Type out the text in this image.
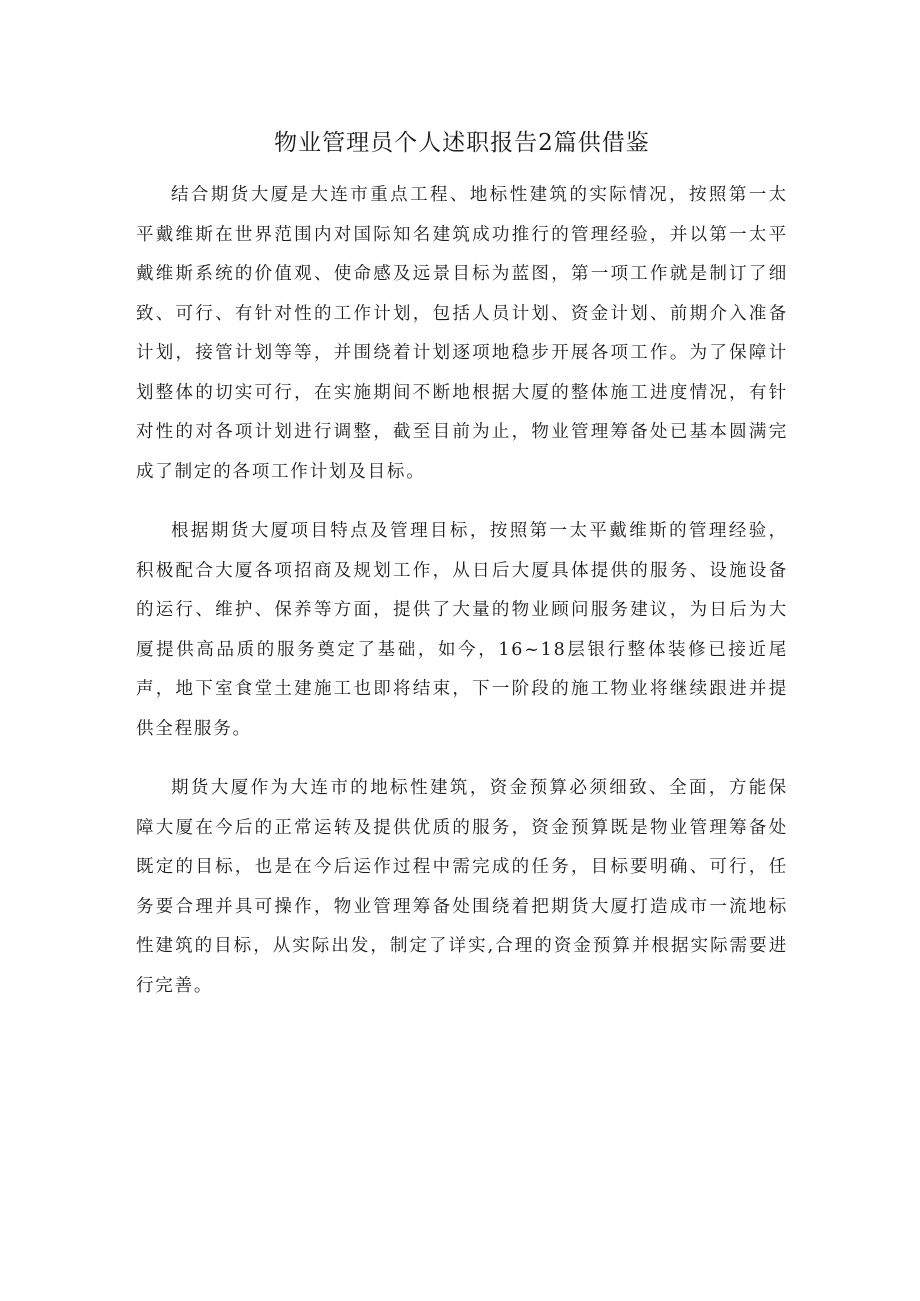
物业管理员个人述职报告2篇供借鉴

结合期货大厦是大连市重点工程、地标性建筑的实际情况，按照第一太平戴维斯在世界范围内对国际知名建筑成功推行的管理经验，并以第一太平戴维斯系统的价值观、使命感及远景目标为蓝图，第一项工作就是制订了细致、可行、有针对性的工作计划，包括人员计划、资金计划、前期介入准备计划，接管计划等等，并围绕着计划逐项地稳步开展各项工作。为了保障计划整体的切实可行，在实施期间不断地根据大厦的整体施工进度情况，有针对性的对各项计划进行调整，截至目前为止，物业管理筹备处已基本圆满完成了制定的各项工作计划及目标。

根据期货大厦项目特点及管理目标，按照第一太平戴维斯的管理经验，积极配合大厦各项招商及规划工作，从日后大厦具体提供的服务、设施设备的运行、维护、保养等方面，提供了大量的物业顾问服务建议，为日后为大厦提供高品质的服务奠定了基础，如今，16~18层银行整体装修已接近尾声，地下室食堂土建施工也即将结束，下一阶段的施工物业将继续跟进并提供全程服务。

期货大厦作为大连市的地标性建筑，资金预算必须细致、全面，方能保障大厦在今后的正常运转及提供优质的服务，资金预算既是物业管理筹备处既定的目标，也是在今后运作过程中需完成的任务，目标要明确、可行，任务要合理并具可操作，物业管理筹备处围绕着把期货大厦打造成市一流地标性建筑的目标，从实际出发，制定了详实,合理的资金预算并根据实际需要进行完善。
